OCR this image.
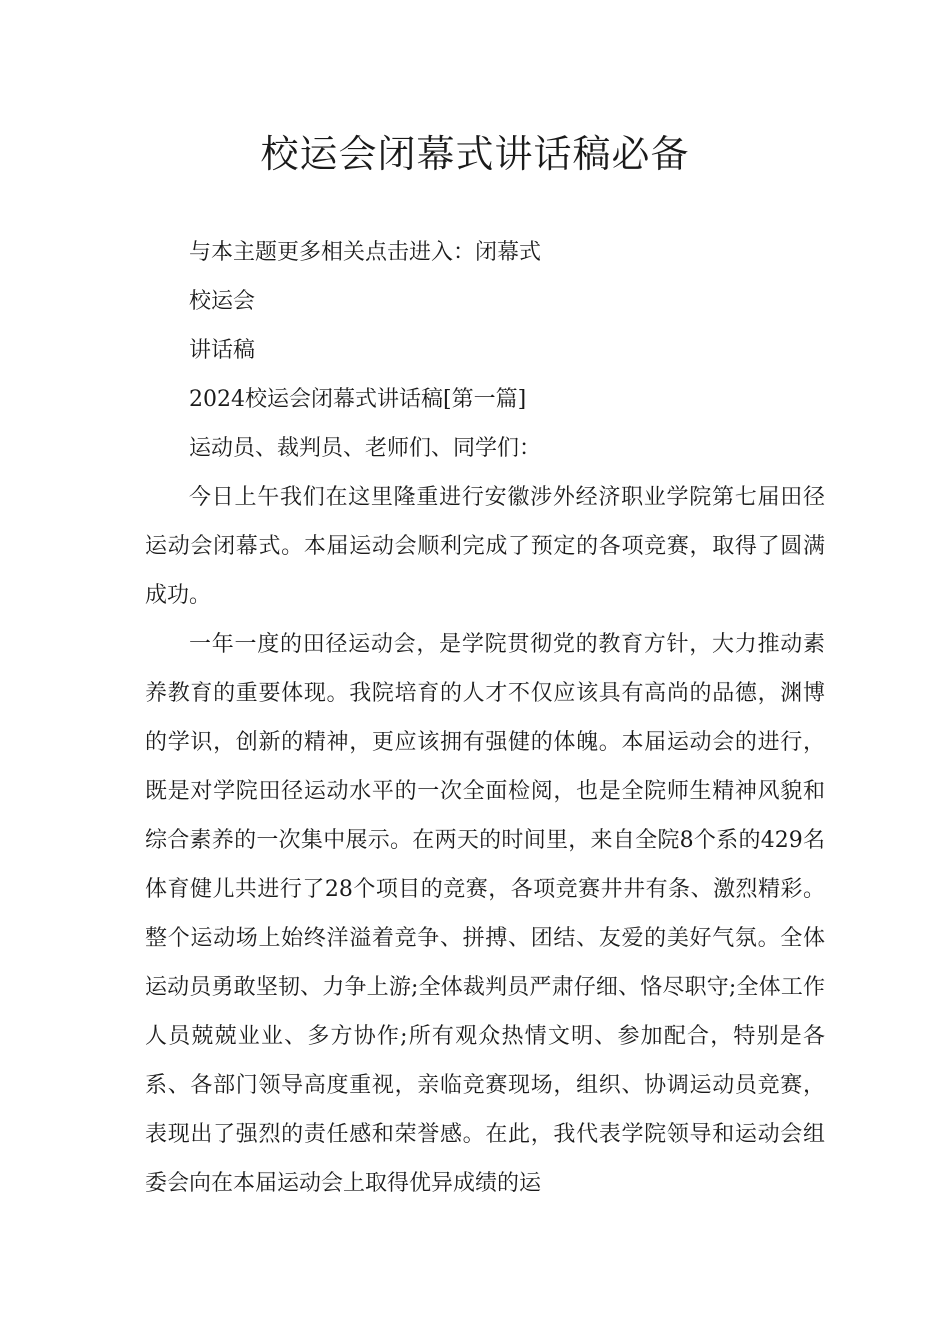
校运会闭幕式讲话稿必备

与本主题更多相关点击进入：闭幕式

校运会

讲话稿

2024校运会闭幕式讲话稿[第一篇]

运动员、裁判员、老师们、同学们：

今日上午我们在这里隆重进行安徽涉外经济职业学院第七届田径运动会闭幕式。本届运动会顺利完成了预定的各项竞赛，取得了圆满成功。

一年一度的田径运动会，是学院贯彻党的教育方针，大力推动素养教育的重要体现。我院培育的人才不仅应该具有高尚的品德，渊博的学识，创新的精神，更应该拥有强健的体魄。本届运动会的进行，既是对学院田径运动水平的一次全面检阅，也是全院师生精神风貌和综合素养的一次集中展示。在两天的时间里，来自全院8个系的429名体育健儿共进行了28个项目的竞赛，各项竞赛井井有条、激烈精彩。整个运动场上始终洋溢着竞争、拼搏、团结、友爱的美好气氛。全体运动员勇敢坚韧、力争上游;全体裁判员严肃仔细、恪尽职守;全体工作人员兢兢业业、多方协作;所有观众热情文明、参加配合，特别是各系、各部门领导高度重视，亲临竞赛现场，组织、协调运动员竞赛，表现出了强烈的责任感和荣誉感。在此，我代表学院领导和运动会组委会向在本届运动会上取得优异成绩的运
